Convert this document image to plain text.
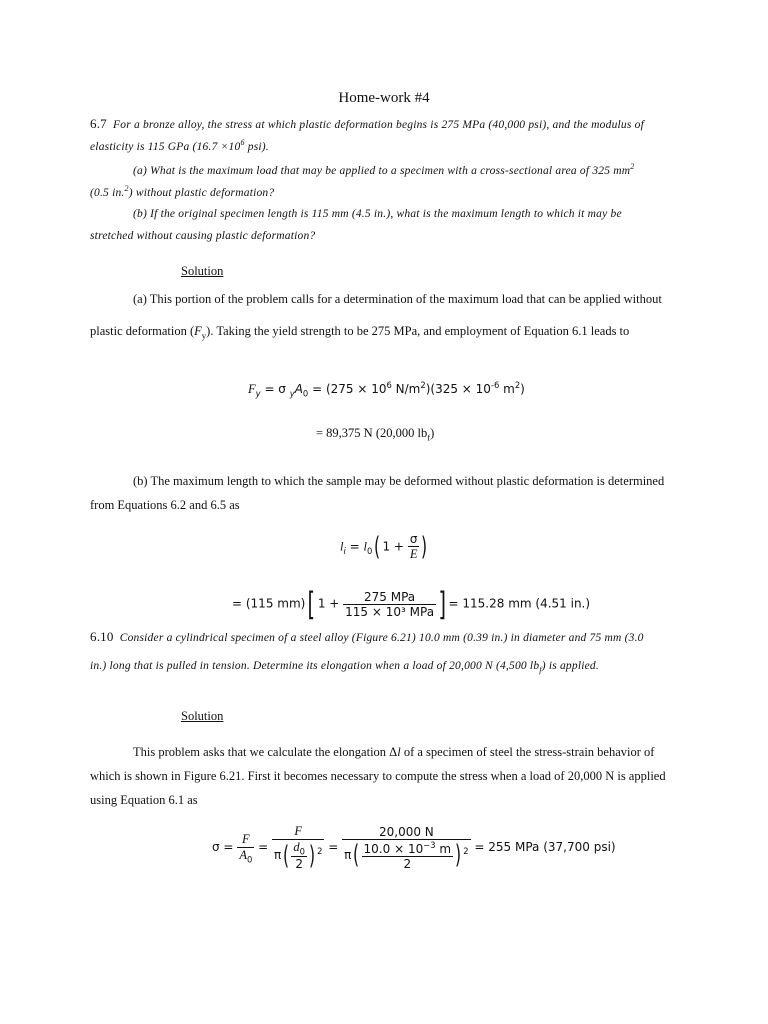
Home-work #4
6.7 For a bronze alloy, the stress at which plastic deformation begins is 275 MPa (40,000 psi), and the modulus of
elasticity is 115 GPa ($16.7 \times 10^6$ psi).
(a) What is the maximum load that may be applied to a specimen with a cross-sectional area of 325 $mm^2$
(0.5 in.$^2$) without plastic deformation?
(b) If the original specimen length is 115 mm (4.5 in.), what is the maximum length to which it may be
stretched without causing plastic deformation?
Solution
(a) This portion of the problem calls for a determination of the maximum load that can be applied without
plastic deformation $(F_y)$. Taking the yield strength to be 275 MPa, and employment of Equation 6.1 leads to
$F_y = \sigma$ $_yA_0 = (275 \times 10^6$ $N/m^2)(325 \times 10^{-6}$ $m^2$)
= 89,375 N (20,000 $lb_f$)
(b) The maximum length to which the sample may be deformed without plastic deformation is determined
from Equations 6.2 and 6.5 as
$l_i = l_0$( $1 + \frac{\sigma}{E}$ )
= (115 mm)[ $1 + \frac{\text{275 MPa}}{\text{115 × 10³ MPa}}$ ] = 115.28 mm (4.51 in.)
6.10 Consider a cylindrical specimen of a steel alloy (Figure 6.21) 10.0 mm (0.39 in.) in diameter and 75 mm (3.0
in.) long that is pulled in tension. Determine its elongation when a load of 20,000 N (4,500 $lb_f$) is applied.
Solution
This problem asks that we calculate the elongation Δl of a specimen of steel the stress-strain behavior of
which is shown in Figure 6.21. First it becomes necessary to compute the stress when a load of 20,000 N is applied
using Equation 6.1 as
$\sigma = \frac{F}{A_0} = \frac{F}{\pi( \frac{d_0}{2} ) ^2} = \frac{20,000 N}{\pi( \frac{10.0 \times 10^{-3} m}{2} ) ^2} = 255$ MPa (37,700 psi)
